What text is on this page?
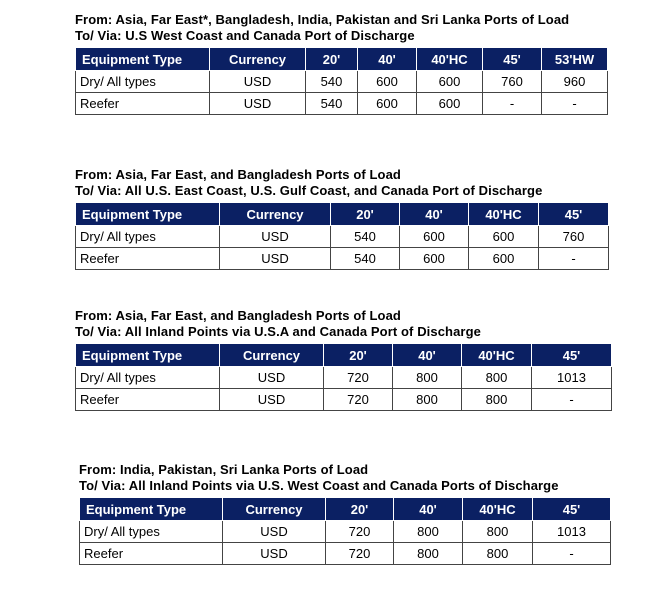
From: Asia, Far East*, Bangladesh, India, Pakistan and Sri Lanka Ports of Load

To/ Via: U.S West Coast and Canada Port of Discharge

Equipment Type	Currency	20'	40'	40'HC	45'	53'HW
Dry/ All types	USD	540	600	600	760	960
Reefer	USD	540	600	600	-	-

From: Asia, Far East, and Bangladesh Ports of Load

To/ Via: All U.S. East Coast, U.S. Gulf Coast, and Canada Port of Discharge

Equipment Type	Currency	20'	40'	40'HC	45'
Dry/ All types	USD	540	600	600	760
Reefer	USD	540	600	600	-

From: Asia, Far East, and Bangladesh Ports of Load

To/ Via: All Inland Points via U.S.A and Canada Port of Discharge

Equipment Type	Currency	20'	40'	40'HC	45'
Dry/ All types	USD	720	800	800	1013
Reefer	USD	720	800	800	-

From: India, Pakistan, Sri Lanka Ports of Load

To/ Via: All Inland Points via U.S. West Coast and Canada Ports of Discharge

Equipment Type	Currency	20'	40'	40'HC	45'
Dry/ All types	USD	720	800	800	1013
Reefer	USD	720	800	800	-
